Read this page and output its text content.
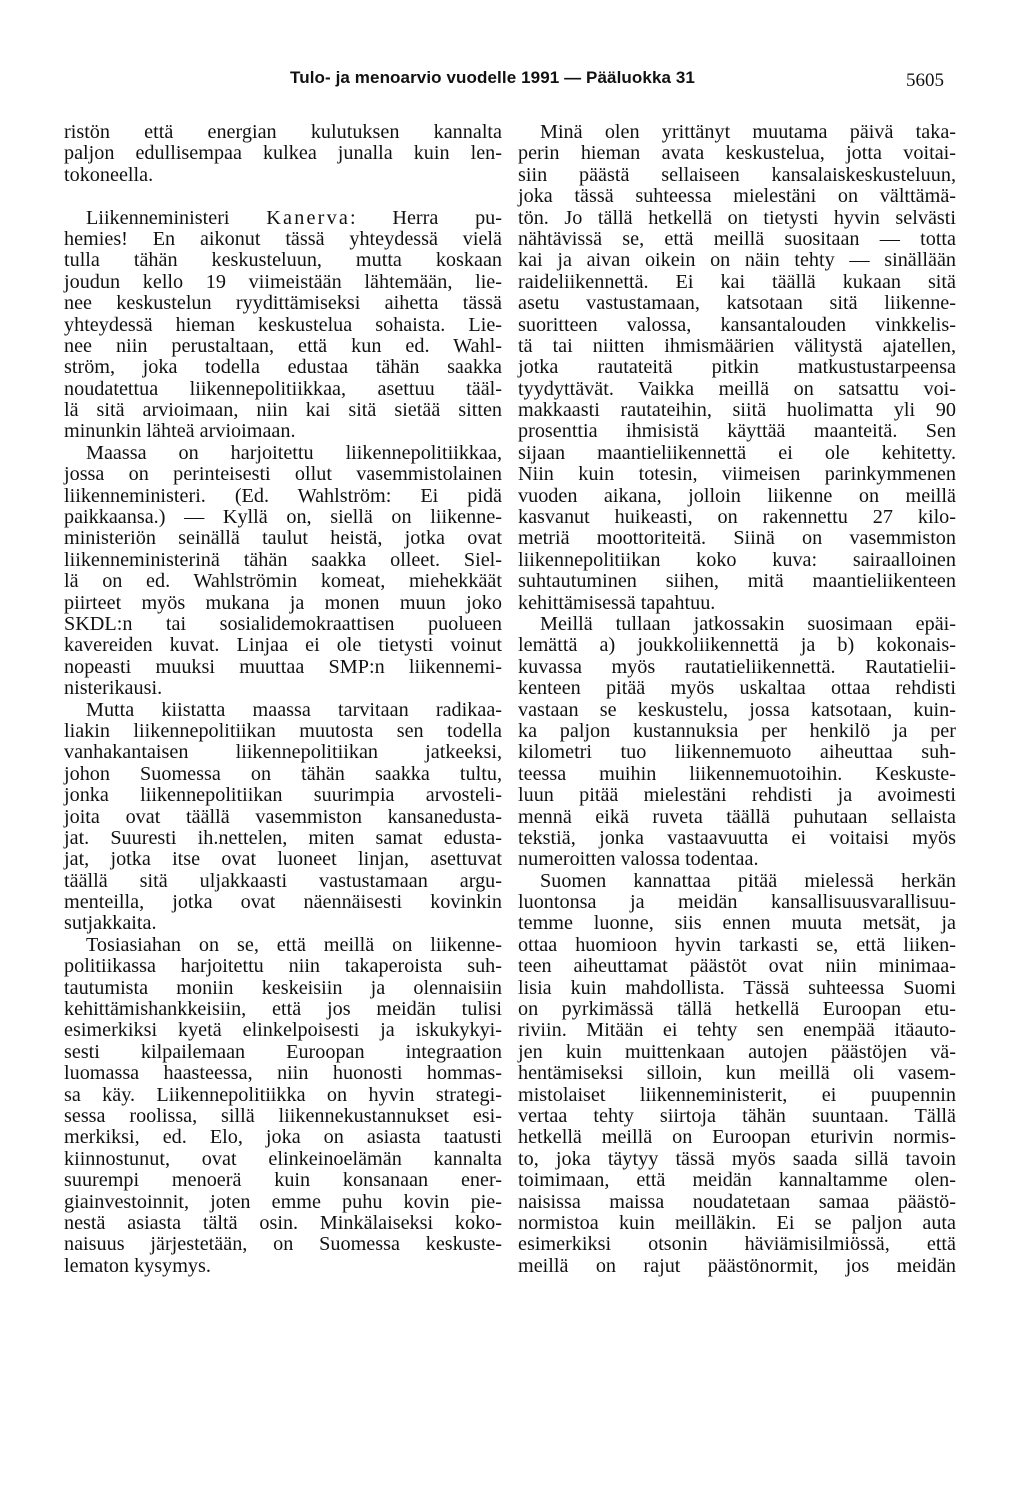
Tulo- ja menoarvio vuodelle 1991 — Pääluokka 31	5605
ristön että energian kulutuksen kannalta
paljon edullisempaa kulkea junalla kuin len-
tokoneella.
Liikenneministeri Kanerva: Herra pu-
hemies! En aikonut tässä yhteydessä vielä
tulla tähän keskusteluun, mutta koskaan
joudun kello 19 viimeistään lähtemään, lie-
nee keskustelun ryydittämiseksi aihetta tässä
yhteydessä hieman keskustelua sohaista. Lie-
nee niin perustaltaan, että kun ed. Wahl-
ström, joka todella edustaa tähän saakka
noudatettua liikennepolitiikkaa, asettuu tääl-
lä sitä arvioimaan, niin kai sitä sietää sitten
minunkin lähteä arvioimaan.
Maassa on harjoitettu liikennepolitiikkaa,
jossa on perinteisesti ollut vasemmistolainen
liikenneministeri. (Ed. Wahlström: Ei pidä
paikkaansa.) — Kyllä on, siellä on liikenne-
ministeriön seinällä taulut heistä, jotka ovat
liikenneministerinä tähän saakka olleet. Siel-
lä on ed. Wahlströmin komeat, miehekkäät
piirteet myös mukana ja monen muun joko
SKDL:n tai sosialidemokraattisen puolueen
kavereiden kuvat. Linjaa ei ole tietysti voinut
nopeasti muuksi muuttaa SMP:n liikennemi-
nisterikausi.
Mutta kiistatta maassa tarvitaan radikaa-
liakin liikennepolitiikan muutosta sen todella
vanhakantaisen liikennepolitiikan jatkeeksi,
johon Suomessa on tähän saakka tultu,
jonka liikennepolitiikan suurimpia arvosteli-
joita ovat täällä vasemmiston kansanedusta-
jat. Suuresti ih.nettelen, miten samat edusta-
jat, jotka itse ovat luoneet linjan, asettuvat
täällä sitä uljakkaasti vastustamaan argu-
menteilla, jotka ovat näennäisesti kovinkin
sutjakkaita.
Tosiasiahan on se, että meillä on liikenne-
politiikassa harjoitettu niin takaperoista suh-
tautumista moniin keskeisiin ja olennaisiin
kehittämishankkeisiin, että jos meidän tulisi
esimerkiksi kyetä elinkelpoisesti ja iskukykyi-
sesti kilpailemaan Euroopan integraation
luomassa haasteessa, niin huonosti hommas-
sa käy. Liikennepolitiikka on hyvin strategi-
sessa roolissa, sillä liikennekustannukset esi-
merkiksi, ed. Elo, joka on asiasta taatusti
kiinnostunut, ovat elinkeinoelämän kannalta
suurempi menoerä kuin konsanaan ener-
giainvestoinnit, joten emme puhu kovin pie-
nestä asiasta tältä osin. Minkälaiseksi koko-
naisuus järjestetään, on Suomessa keskuste-
lematon kysymys.
Minä olen yrittänyt muutama päivä taka-
perin hieman avata keskustelua, jotta voitai-
siin päästä sellaiseen kansalaiskeskusteluun,
joka tässä suhteessa mielestäni on välttämä-
tön. Jo tällä hetkellä on tietysti hyvin selvästi
nähtävissä se, että meillä suositaan — totta
kai ja aivan oikein on näin tehty — sinällään
raideliikennettä. Ei kai täällä kukaan sitä
asetu vastustamaan, katsotaan sitä liikenne-
suoritteen valossa, kansantalouden vinkkelis-
tä tai niitten ihmismäärien välitystä ajatellen,
jotka rautateitä pitkin matkustustarpeensa
tyydyttävät. Vaikka meillä on satsattu voi-
makkaasti rautateihin, siitä huolimatta yli 90
prosenttia ihmisistä käyttää maanteitä. Sen
sijaan maantieliikennettä ei ole kehitetty.
Niin kuin totesin, viimeisen parinkymmenen
vuoden aikana, jolloin liikenne on meillä
kasvanut huikeasti, on rakennettu 27 kilo-
metriä moottoriteitä. Siinä on vasemmiston
liikennepolitiikan koko kuva: sairaalloinen
suhtautuminen siihen, mitä maantieliikenteen
kehittämisessä tapahtuu.
Meillä tullaan jatkossakin suosimaan epäi-
lemättä a) joukkoliikennettä ja b) kokonais-
kuvassa myös rautatieliikennettä. Rautatielii-
kenteen pitää myös uskaltaa ottaa rehdisti
vastaan se keskustelu, jossa katsotaan, kuin-
ka paljon kustannuksia per henkilö ja per
kilometri tuo liikennemuoto aiheuttaa suh-
teessa muihin liikennemuotoihin. Keskuste-
luun pitää mielestäni rehdisti ja avoimesti
mennä eikä ruveta täällä puhutaan sellaista
tekstiä, jonka vastaavuutta ei voitaisi myös
numeroitten valossa todentaa.
Suomen kannattaa pitää mielessä herkän
luontonsa ja meidän kansallisuusvarallisuu-
temme luonne, siis ennen muuta metsät, ja
ottaa huomioon hyvin tarkasti se, että liiken-
teen aiheuttamat päästöt ovat niin minimaa-
lisia kuin mahdollista. Tässä suhteessa Suomi
on pyrkimässä tällä hetkellä Euroopan etu-
riviin. Mitään ei tehty sen enempää itäauto-
jen kuin muittenkaan autojen päästöjen vä-
hentämiseksi silloin, kun meillä oli vasem-
mistolaiset liikenneministerit, ei puupennin
vertaa tehty siirtoja tähän suuntaan. Tällä
hetkellä meillä on Euroopan eturivin normis-
to, joka täytyy tässä myös saada sillä tavoin
toimimaan, että meidän kannaltamme olen-
naisissa maissa noudatetaan samaa päästö-
normistoa kuin meilläkin. Ei se paljon auta
esimerkiksi otsonin häviämisilmiössä, että
meillä on rajut päästönormit, jos meidän
